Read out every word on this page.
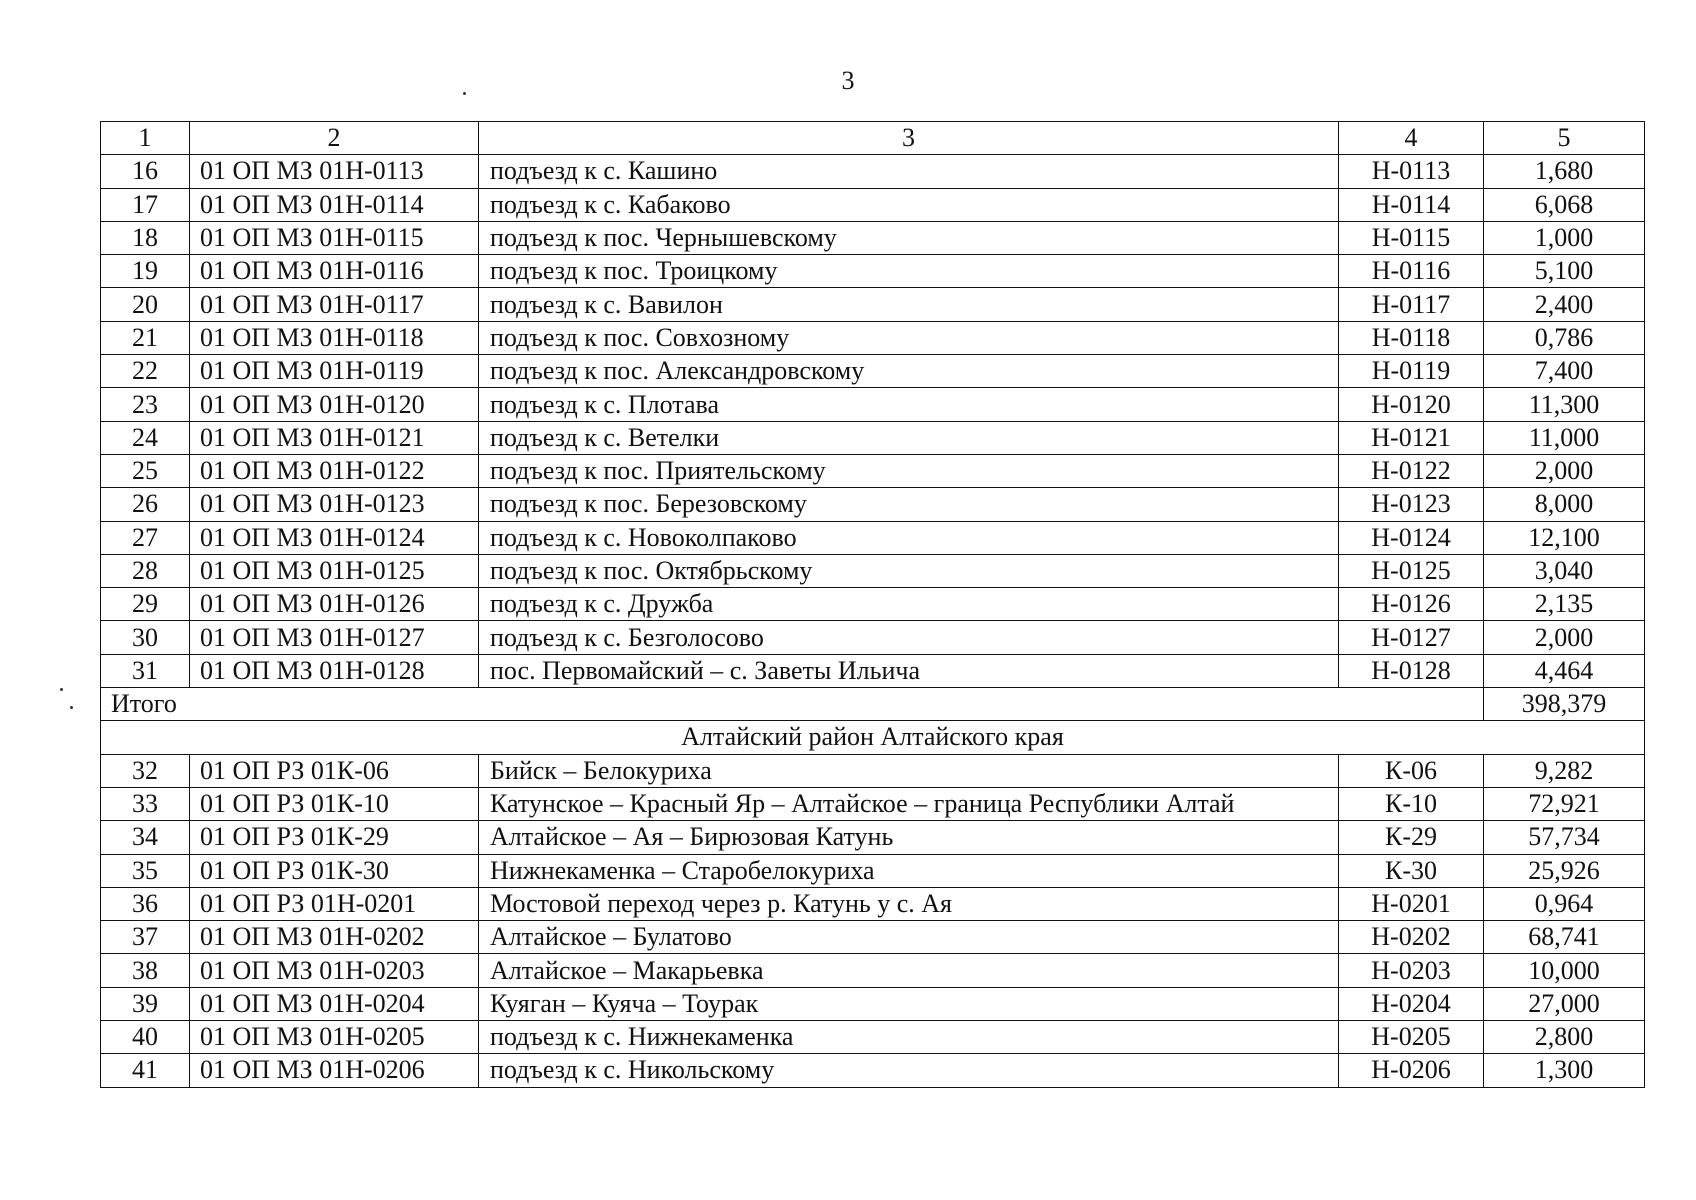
3
1	2	3	4	5
16	01 ОП МЗ 01Н-0113	подъезд к с. Кашино	Н-0113	1,680
17	01 ОП МЗ 01Н-0114	подъезд к с. Кабаково	Н-0114	6,068
18	01 ОП МЗ 01Н-0115	подъезд к пос. Чернышевскому	Н-0115	1,000
19	01 ОП МЗ 01Н-0116	подъезд к пос. Троицкому	Н-0116	5,100
20	01 ОП МЗ 01Н-0117	подъезд к с. Вавилон	Н-0117	2,400
21	01 ОП МЗ 01Н-0118	подъезд к пос. Совхозному	Н-0118	0,786
22	01 ОП МЗ 01Н-0119	подъезд к пос. Александровскому	Н-0119	7,400
23	01 ОП МЗ 01Н-0120	подъезд к с. Плотава	Н-0120	11,300
24	01 ОП МЗ 01Н-0121	подъезд к с. Ветелки	Н-0121	11,000
25	01 ОП МЗ 01Н-0122	подъезд к пос. Приятельскому	Н-0122	2,000
26	01 ОП МЗ 01Н-0123	подъезд к пос. Березовскому	Н-0123	8,000
27	01 ОП МЗ 01Н-0124	подъезд к с. Новоколпаково	Н-0124	12,100
28	01 ОП МЗ 01Н-0125	подъезд к пос. Октябрьскому	Н-0125	3,040
29	01 ОП МЗ 01Н-0126	подъезд к с. Дружба	Н-0126	2,135
30	01 ОП МЗ 01Н-0127	подъезд к с. Безголосово	Н-0127	2,000
31	01 ОП МЗ 01Н-0128	пос. Первомайский – с. Заветы Ильича	Н-0128	4,464
Итого				398,379
Алтайский район Алтайского края				
32	01 ОП РЗ 01К-06	Бийск – Белокуриха	К-06	9,282
33	01 ОП РЗ 01К-10	Катунское – Красный Яр – Алтайское – граница Республики Алтай	К-10	72,921
34	01 ОП РЗ 01К-29	Алтайское – Ая – Бирюзовая Катунь	К-29	57,734
35	01 ОП РЗ 01К-30	Нижнекаменка – Старобелокуриха	К-30	25,926
36	01 ОП РЗ 01Н-0201	Мостовой переход через р. Катунь у с. Ая	Н-0201	0,964
37	01 ОП МЗ 01Н-0202	Алтайское – Булатово	Н-0202	68,741
38	01 ОП МЗ 01Н-0203	Алтайское – Макарьевка	Н-0203	10,000
39	01 ОП МЗ 01Н-0204	Куяган – Куяча – Тоурак	Н-0204	27,000
40	01 ОП МЗ 01Н-0205	подъезд к с. Нижнекаменка	Н-0205	2,800
41	01 ОП МЗ 01Н-0206	подъезд к с. Никольскому	Н-0206	1,300
